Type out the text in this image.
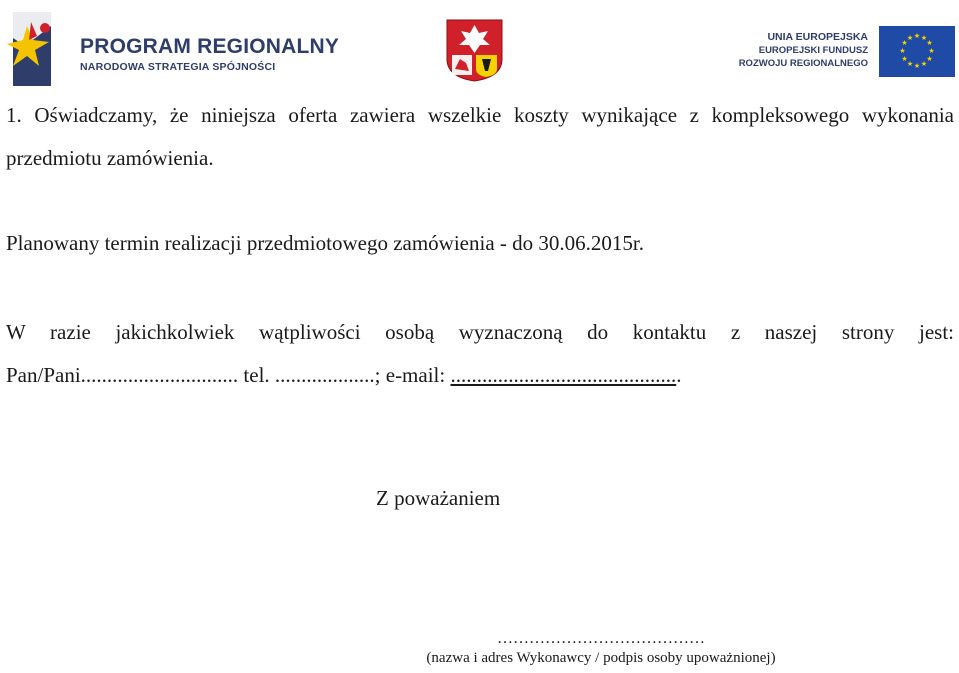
PROGRAM REGIONALNY
NARODOWA STRATEGIA SPÓJNOŚCI
UNIA EUROPEJSKA
EUROPEJSKI FUNDUSZ
ROZWOJU REGIONALNEGO
★ ★
★
★
★
★
★
★
★
★
★
★

1. Oświadczamy, że niniejsza oferta zawiera wszelkie koszty wynikające z kompleksowego wykonania przedmiotu zamówienia.

Planowany termin realizacji przedmiotowego zamówienia - do 30.06.2015r.

W razie jakichkolwiek wątpliwości osobą wyznaczoną do kontaktu z naszej strony jest: Pan/Pani.............................. tel. ...................; e-mail: ............................................

Z poważaniem

…………………………………

(nazwa i adres Wykonawcy / podpis osoby upoważnionej)
